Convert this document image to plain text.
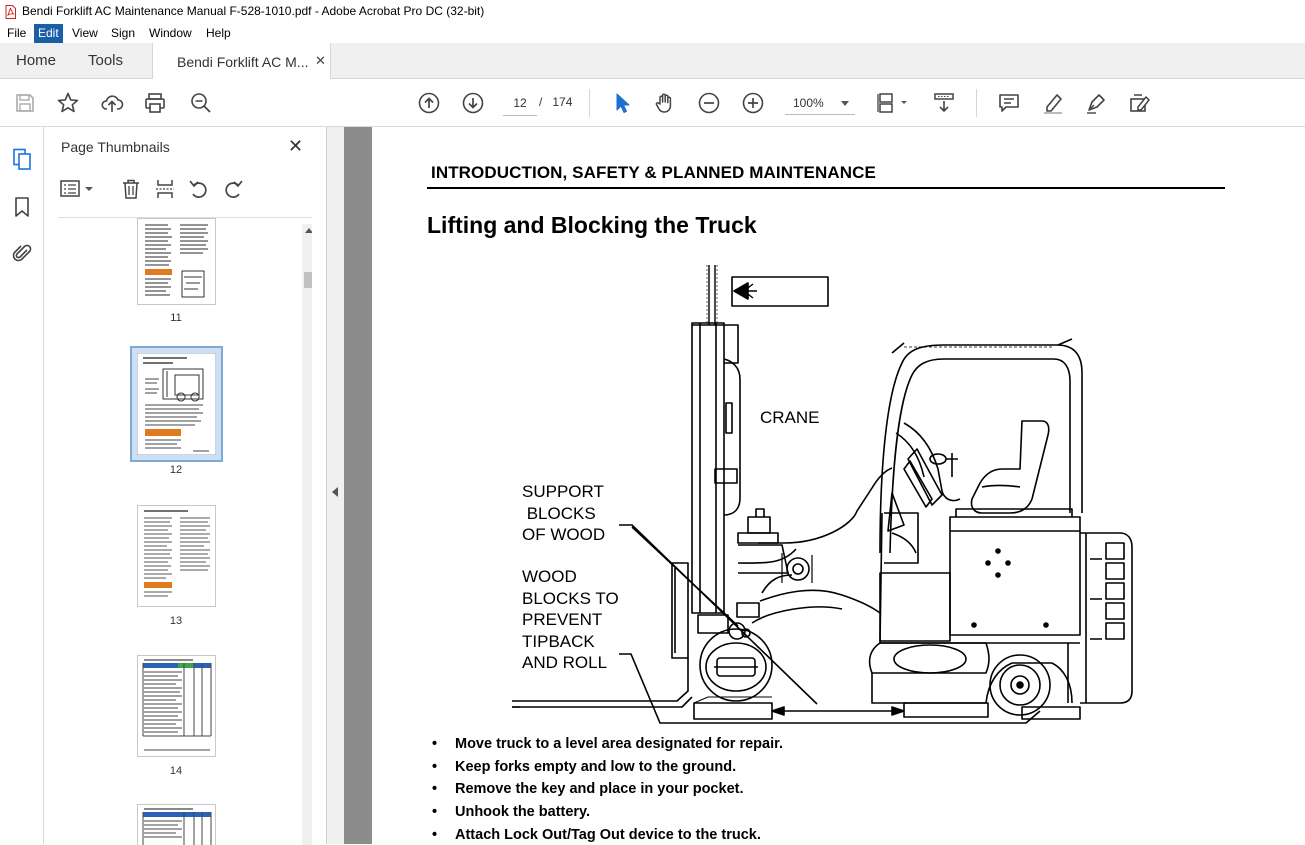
Bendi Forklift AC Maintenance Manual F-528-1010.pdf - Adobe Acrobat Pro DC (32-bit)
File Edit	View	Sign	Window	Help
Home Tools	Bendi Forklift AC M... ✕
12
/ 174	100%
Page Thumbnails	✕
11
12
13
14
INTRODUCTION, SAFETY & PLANNED MAINTENANCE
Lifting and Blocking the Truck
CRANE
SUPPORT
BLOCKS
OF WOOD
WOOD
BLOCKS TO
PREVENT
TIPBACK
AND ROLL
• Move truck to a level area designated for repair.
• Keep forks empty and low to the ground.
• Remove the key and place in your pocket.
• Unhook the battery.
• Attach Lock Out/Tag Out device to the truck.
